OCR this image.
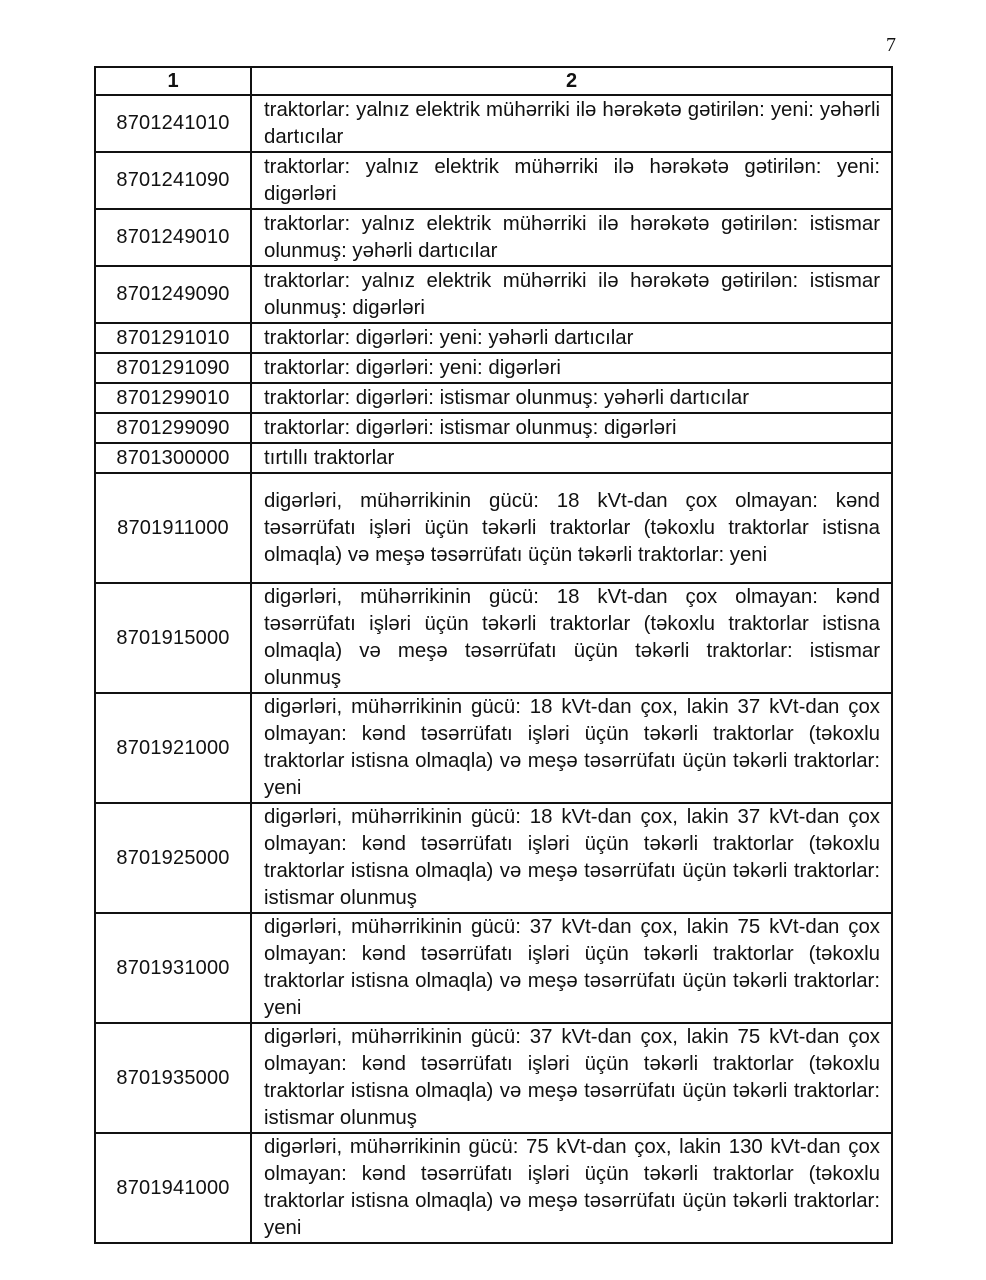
7
1	2
8701241010	traktorlar: yalnız elektrik mühərriki ilə hərəkətə gətirilən: yeni: yəhərli dartıcılar
8701241090	traktorlar: yalnız elektrik mühərriki ilə hərəkətə gətirilən: yeni: digərləri
8701249010	traktorlar: yalnız elektrik mühərriki ilə hərəkətə gətirilən: istismar olunmuş: yəhərli dartıcılar
8701249090	traktorlar: yalnız elektrik mühərriki ilə hərəkətə gətirilən: istismar olunmuş: digərləri
8701291010	traktorlar: digərləri: yeni: yəhərli dartıcılar
8701291090	traktorlar: digərləri: yeni: digərləri
8701299010	traktorlar: digərləri: istismar olunmuş: yəhərli dartıcılar
8701299090	traktorlar: digərləri: istismar olunmuş: digərləri
8701300000	tırtıllı traktorlar
8701911000	digərləri, mühərrikinin gücü: 18 kVt-dan çox olmayan: kənd təsərrüfatı işləri üçün təkərli traktorlar (təkoxlu traktorlar istisna olmaqla) və meşə təsərrüfatı üçün təkərli traktorlar: yeni
8701915000	digərləri, mühərrikinin gücü: 18 kVt-dan çox olmayan: kənd təsərrüfatı işləri üçün təkərli traktorlar (təkoxlu traktorlar istisna olmaqla) və meşə təsərrüfatı üçün təkərli traktorlar: istismar olunmuş
8701921000	digərləri, mühərrikinin gücü: 18 kVt-dan çox, lakin 37 kVt-dan çox olmayan: kənd təsərrüfatı işləri üçün təkərli traktorlar (təkoxlu traktorlar istisna olmaqla) və meşə təsərrüfatı üçün təkərli traktorlar: yeni
8701925000	digərləri, mühərrikinin gücü: 18 kVt-dan çox, lakin 37 kVt-dan çox olmayan: kənd təsərrüfatı işləri üçün təkərli traktorlar (təkoxlu traktorlar istisna olmaqla) və meşə təsərrüfatı üçün təkərli traktorlar: istismar olunmuş
8701931000	digərləri, mühərrikinin gücü: 37 kVt-dan çox, lakin 75 kVt-dan çox olmayan: kənd təsərrüfatı işləri üçün təkərli traktorlar (təkoxlu traktorlar istisna olmaqla) və meşə təsərrüfatı üçün təkərli traktorlar: yeni
8701935000	digərləri, mühərrikinin gücü: 37 kVt-dan çox, lakin 75 kVt-dan çox olmayan: kənd təsərrüfatı işləri üçün təkərli traktorlar (təkoxlu traktorlar istisna olmaqla) və meşə təsərrüfatı üçün təkərli traktorlar: istismar olunmuş
8701941000	digərləri, mühərrikinin gücü: 75 kVt-dan çox, lakin 130 kVt-dan çox olmayan: kənd təsərrüfatı işləri üçün təkərli traktorlar (təkoxlu traktorlar istisna olmaqla) və meşə təsərrüfatı üçün təkərli traktorlar: yeni
